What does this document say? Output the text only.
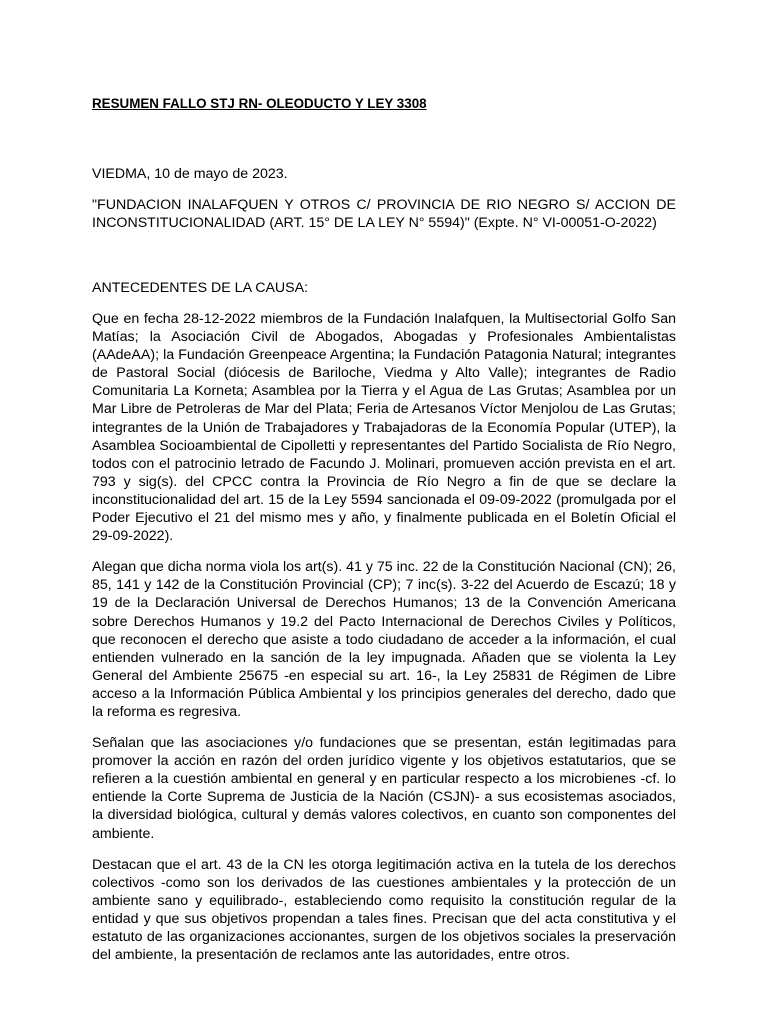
RESUMEN FALLO STJ RN- OLEODUCTO Y LEY 3308

VIEDMA, 10 de mayo de 2023.

"FUNDACION INALAFQUEN Y OTROS C/ PROVINCIA DE RIO NEGRO S/ ACCION DE INCONSTITUCIONALIDAD (ART. 15° DE LA LEY N° 5594)" (Expte. N° VI-00051-O-2022)

ANTECEDENTES DE LA CAUSA:

Que en fecha 28-12-2022 miembros de la Fundación Inalafquen, la Multisectorial Golfo San Matías; la Asociación Civil de Abogados, Abogadas y Profesionales Ambientalistas (AAdeAA); la Fundación Greenpeace Argentina; la Fundación Patagonia Natural; integrantes de Pastoral Social (diócesis de Bariloche, Viedma y Alto Valle); integrantes de Radio Comunitaria La Korneta; Asamblea por la Tierra y el Agua de Las Grutas; Asamblea por un Mar Libre de Petroleras de Mar del Plata; Feria de Artesanos Víctor Menjolou de Las Grutas; integrantes de la Unión de Trabajadores y Trabajadoras de la Economía Popular (UTEP), la Asamblea Socioambiental de Cipolletti y representantes del Partido Socialista de Río Negro, todos con el patrocinio letrado de Facundo J. Molinari, promueven acción prevista en el art. 793 y sig(s). del CPCC contra la Provincia de Río Negro a fin de que se declare la inconstitucionalidad del art. 15 de la Ley 5594 sancionada el 09-09-2022 (promulgada por el Poder Ejecutivo el 21 del mismo mes y año, y finalmente publicada en el Boletín Oficial el 29-09-2022).

Alegan que dicha norma viola los art(s). 41 y 75 inc. 22 de la Constitución Nacional (CN); 26, 85, 141 y 142 de la Constitución Provincial (CP); 7 inc(s). 3-22 del Acuerdo de Escazú; 18 y 19 de la Declaración Universal de Derechos Humanos; 13 de la Convención Americana sobre Derechos Humanos y 19.2 del Pacto Internacional de Derechos Civiles y Políticos, que reconocen el derecho que asiste a todo ciudadano de acceder a la información, el cual entienden vulnerado en la sanción de la ley impugnada. Añaden que se violenta la Ley General del Ambiente 25675 -en especial su art. 16-, la Ley 25831 de Régimen de Libre acceso a la Información Pública Ambiental y los principios generales del derecho, dado que la reforma es regresiva.

Señalan que las asociaciones y/o fundaciones que se presentan, están legitimadas para promover la acción en razón del orden jurídico vigente y los objetivos estatutarios, que se refieren a la cuestión ambiental en general y en particular respecto a los microbienes -cf. lo entiende la Corte Suprema de Justicia de la Nación (CSJN)- a sus ecosistemas asociados, la diversidad biológica, cultural y demás valores colectivos, en cuanto son componentes del ambiente.

Destacan que el art. 43 de la CN les otorga legitimación activa en la tutela de los derechos colectivos -como son los derivados de las cuestiones ambientales y la protección de un ambiente sano y equilibrado-, estableciendo como requisito la constitución regular de la entidad y que sus objetivos propendan a tales fines. Precisan que del acta constitutiva y el estatuto de las organizaciones accionantes, surgen de los objetivos sociales la preservación del ambiente, la presentación de reclamos ante las autoridades, entre otros.
